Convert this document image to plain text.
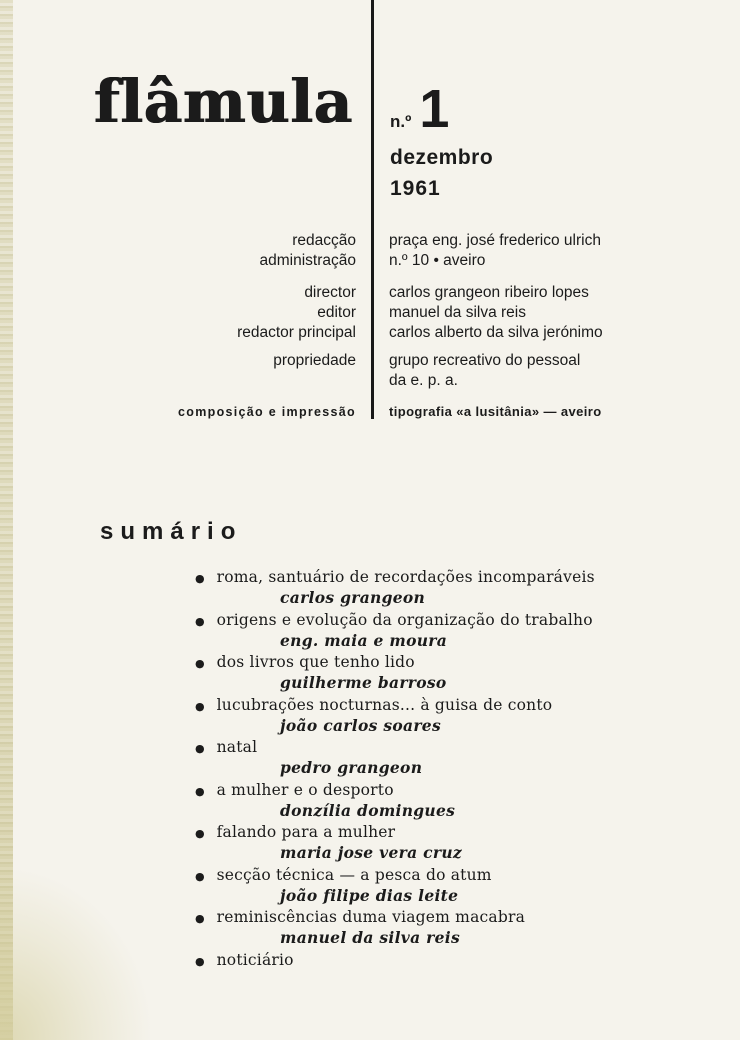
flâmula n.º 1
dezembro
1961
redacção
administração
praça eng. josé frederico ulrich
n.º 10 • aveiro
director
editor
redactor principal
carlos grangeon ribeiro lopes
manuel da silva reis
carlos alberto da silva jerónimo
propriedade grupo recreativo do pessoal
da e. p. a.
composição e impressão	tipografia «a lusitânia» — aveiro
sumário
● roma, santuário de recordações incomparáveis
carlos grangeon
● origens e evolução da organização do trabalho
eng. maia e moura
● dos livros que tenho lido
guilherme barroso
● lucubrações nocturnas... à guisa de conto
joão carlos soares
● natal
pedro grangeon
● a mulher e o desporto
donzília domingues
● falando para a mulher
maria jose vera cruz
● secção técnica — a pesca do atum
joão filipe dias leite
● reminiscências duma viagem macabra
manuel da silva reis
● noticiário
